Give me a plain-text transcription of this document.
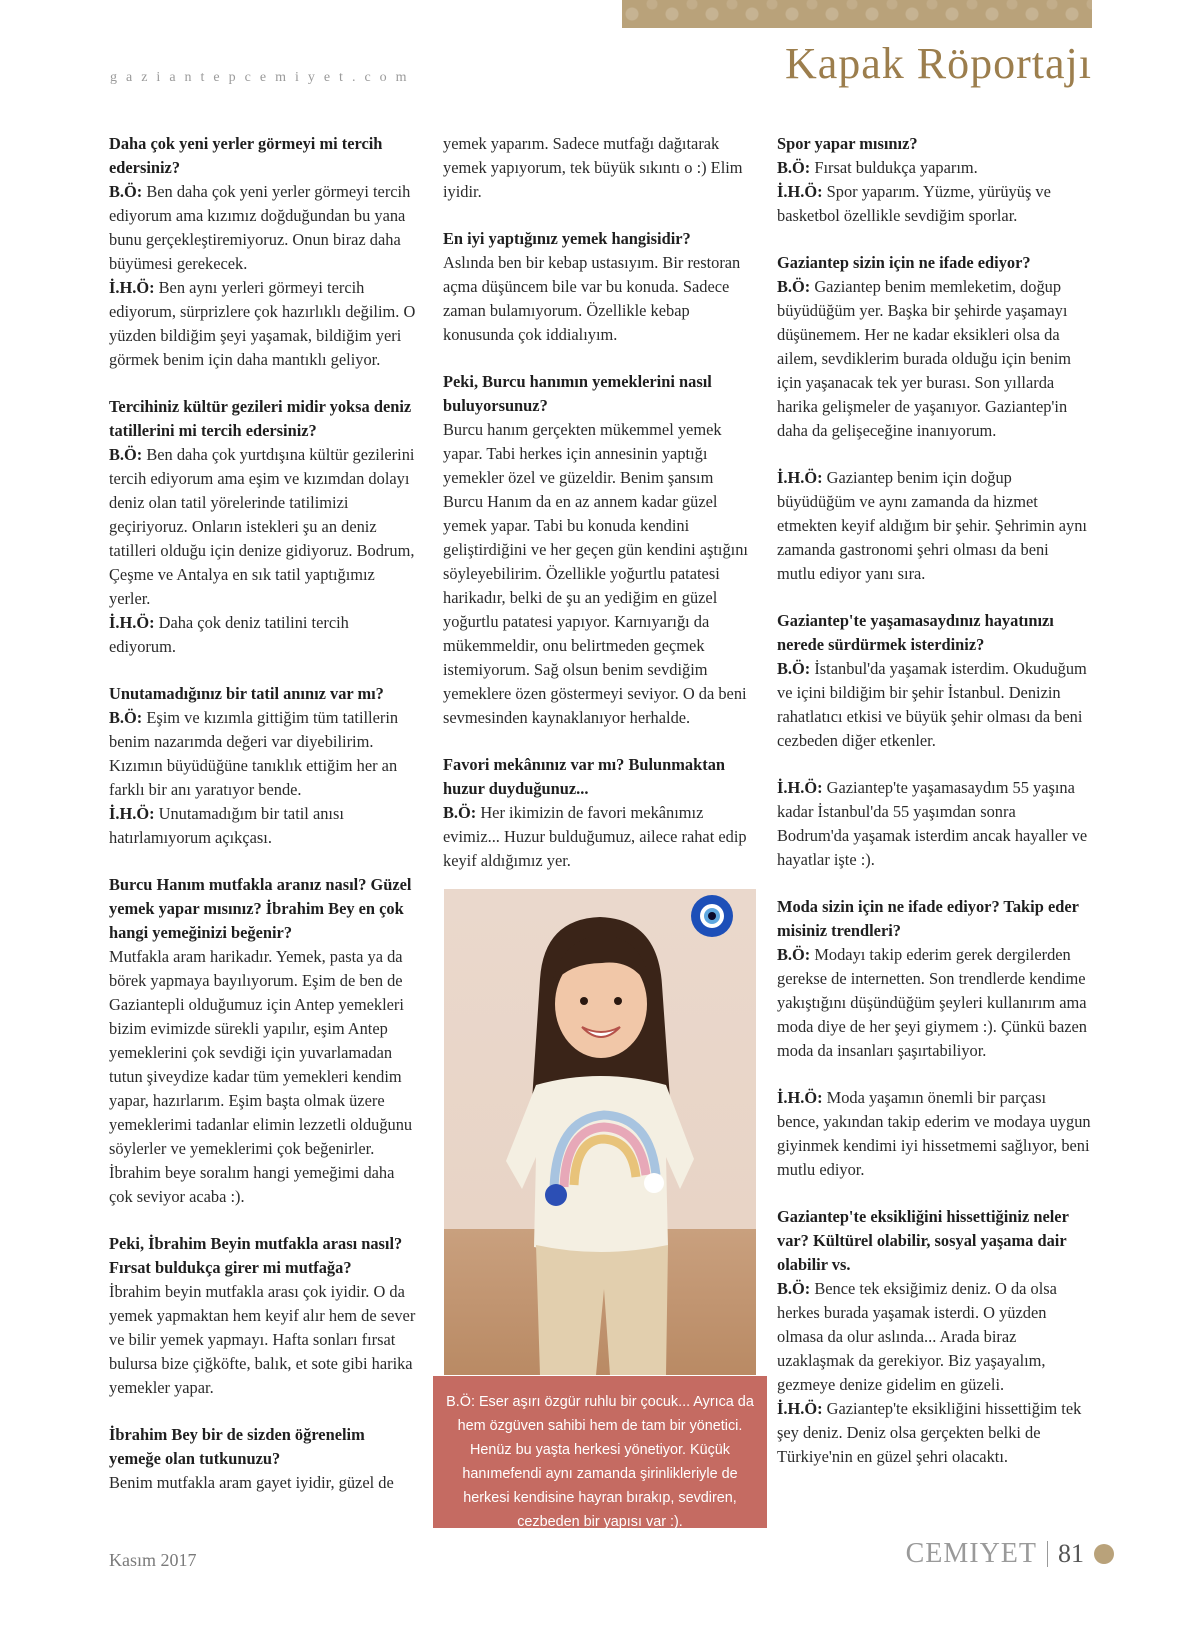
gaziantepcemiyet.com	Kapak Röportajı
Daha çok yeni yerler görmeyi mi tercih edersiniz?
B.Ö: Ben daha çok yeni yerler görmeyi tercih ediyorum ama kızımız doğduğundan bu yana bunu gerçekleştiremiyoruz. Onun biraz daha büyümesi gerekecek.
İ.H.Ö: Ben aynı yerleri görmeyi tercih ediyorum, sürprizlere çok hazırlıklı değilim. O yüzden bildiğim şeyi yaşamak, bildiğim yeri görmek benim için daha mantıklı geliyor.
Tercihiniz kültür gezileri midir yoksa deniz tatillerini mi tercih edersiniz?
B.Ö: Ben daha çok yurtdışına kültür gezilerini tercih ediyorum ama eşim ve kızımdan dolayı deniz olan tatil yörelerinde tatilimizi geçiriyoruz. Onların istekleri şu an deniz tatilleri olduğu için denize gidiyoruz. Bodrum, Çeşme ve Antalya en sık tatil yaptığımız yerler.
İ.H.Ö: Daha çok deniz tatilini tercih ediyorum.
Unutamadığınız bir tatil anınız var mı?
B.Ö: Eşim ve kızımla gittiğim tüm tatillerin benim nazarımda değeri var diyebilirim. Kızımın büyüdüğüne tanıklık ettiğim her an farklı bir anı yaratıyor bende.
İ.H.Ö: Unutamadığım bir tatil anısı hatırlamıyorum açıkçası.
Burcu Hanım mutfakla aranız nasıl? Güzel yemek yapar mısınız? İbrahim Bey en çok hangi yemeğinizi beğenir?
Mutfakla aram harikadır. Yemek, pasta ya da börek yapmaya bayılıyorum. Eşim de ben de Gaziantepli olduğumuz için Antep yemekleri bizim evimizde sürekli yapılır, eşim Antep yemeklerini çok sevdiği için yuvarlamadan tutun şiveydize kadar tüm yemekleri kendim yapar, hazırlarım. Eşim başta olmak üzere yemeklerimi tadanlar elimin lezzetli olduğunu söylerler ve yemeklerimi çok beğenirler. İbrahim beye soralım hangi yemeğimi daha çok seviyor acaba :).
Peki, İbrahim Beyin mutfakla arası nasıl? Fırsat buldukça girer mi mutfağa?
İbrahim beyin mutfakla arası çok iyidir. O da yemek yapmaktan hem keyif alır hem de sever ve bilir yemek yapmayı. Hafta sonları fırsat bulursa bize çiğköfte, balık, et sote gibi harika yemekler yapar.
İbrahim Bey bir de sizden öğrenelim yemeğe olan tutkunuzu?
Benim mutfakla aram gayet iyidir, güzel de
yemek yaparım. Sadece mutfağı dağıtarak yemek yapıyorum, tek büyük sıkıntı o :) Elim iyidir.
En iyi yaptığınız yemek hangisidir?
Aslında ben bir kebap ustasıyım. Bir restoran açma düşüncem bile var bu konuda. Sadece zaman bulamıyorum. Özellikle kebap konusunda çok iddialıyım.
Peki, Burcu hanımın yemeklerini nasıl buluyorsunuz?
Burcu hanım gerçekten mükemmel yemek yapar. Tabi herkes için annesinin yaptığı yemekler özel ve güzeldir. Benim şansım Burcu Hanım da en az annem kadar güzel yemek yapar. Tabi bu konuda kendini geliştirdiğini ve her geçen gün kendini aştığını söyleyebilirim. Özellikle yoğurtlu patatesi harikadır, belki de şu an yediğim en güzel yoğurtlu patatesi yapıyor. Karnıyarığı da mükemmeldir, onu belirtmeden geçmek istemiyorum. Sağ olsun benim sevdiğim yemeklere özen göstermeyi seviyor. O da beni sevmesinden kaynaklanıyor herhalde.
Favori mekânınız var mı? Bulunmaktan huzur duyduğunuz...
B.Ö: Her ikimizin de favori mekânımız evimiz... Huzur bulduğumuz, ailece rahat edip keyif aldığımız yer.
Spor yapar mısınız?
B.Ö: Fırsat buldukça yaparım.
İ.H.Ö: Spor yaparım. Yüzme, yürüyüş ve basketbol özellikle sevdiğim sporlar.
Gaziantep sizin için ne ifade ediyor?
B.Ö: Gaziantep benim memleketim, doğup büyüdüğüm yer. Başka bir şehirde yaşamayı düşünemem. Her ne kadar eksikleri olsa da ailem, sevdiklerim burada olduğu için benim için yaşanacak tek yer burası. Son yıllarda harika gelişmeler de yaşanıyor. Gaziantep'in daha da gelişeceğine inanıyorum.
İ.H.Ö: Gaziantep benim için doğup büyüdüğüm ve aynı zamanda da hizmet etmekten keyif aldığım bir şehir. Şehrimin aynı zamanda gastronomi şehri olması da beni mutlu ediyor yanı sıra.
Gaziantep'te yaşamasaydınız hayatınızı nerede sürdürmek isterdiniz?
B.Ö: İstanbul'da yaşamak isterdim. Okuduğum ve içini bildiğim bir şehir İstanbul. Denizin rahatlatıcı etkisi ve büyük şehir olması da beni cezbeden diğer etkenler.
İ.H.Ö: Gaziantep'te yaşamasaydım 55 yaşına kadar İstanbul'da 55 yaşımdan sonra Bodrum'da yaşamak isterdim ancak hayaller ve hayatlar işte :).
Moda sizin için ne ifade ediyor? Takip eder misiniz trendleri?
B.Ö: Modayı takip ederim gerek dergilerden gerekse de internetten. Son trendlerde kendime yakıştığını düşündüğüm şeyleri kullanırım ama moda diye de her şeyi giymem :). Çünkü bazen moda da insanları şaşırtabiliyor.
İ.H.Ö: Moda yaşamın önemli bir parçası bence, yakından takip ederim ve modaya uygun giyinmek kendimi iyi hissetmemi sağlıyor, beni mutlu ediyor.
Gaziantep'te eksikliğini hissettiğiniz neler var? Kültürel olabilir, sosyal yaşama dair olabilir vs.
B.Ö: Bence tek eksiğimiz deniz. O da olsa herkes burada yaşamak isterdi. O yüzden olmasa da olur aslında... Arada biraz uzaklaşmak da gerekiyor. Biz yaşayalım, gezmeye denize gidelim en güzeli.
İ.H.Ö: Gaziantep'te eksikliğini hissettiğim tek şey deniz. Deniz olsa gerçekten belki de Türkiye'nin en güzel şehri olacaktı.
B.Ö: Eser aşırı özgür ruhlu bir çocuk... Ayrıca da hem özgüven sahibi hem de tam bir yönetici. Henüz bu yaşta herkesi yönetiyor. Küçük hanımefendi aynı zamanda şirinlikleriyle de herkesi kendisine hayran bırakıp, sevdiren, cezbeden bir yapısı var :).
Kasım 2017	CEMIYET 81
